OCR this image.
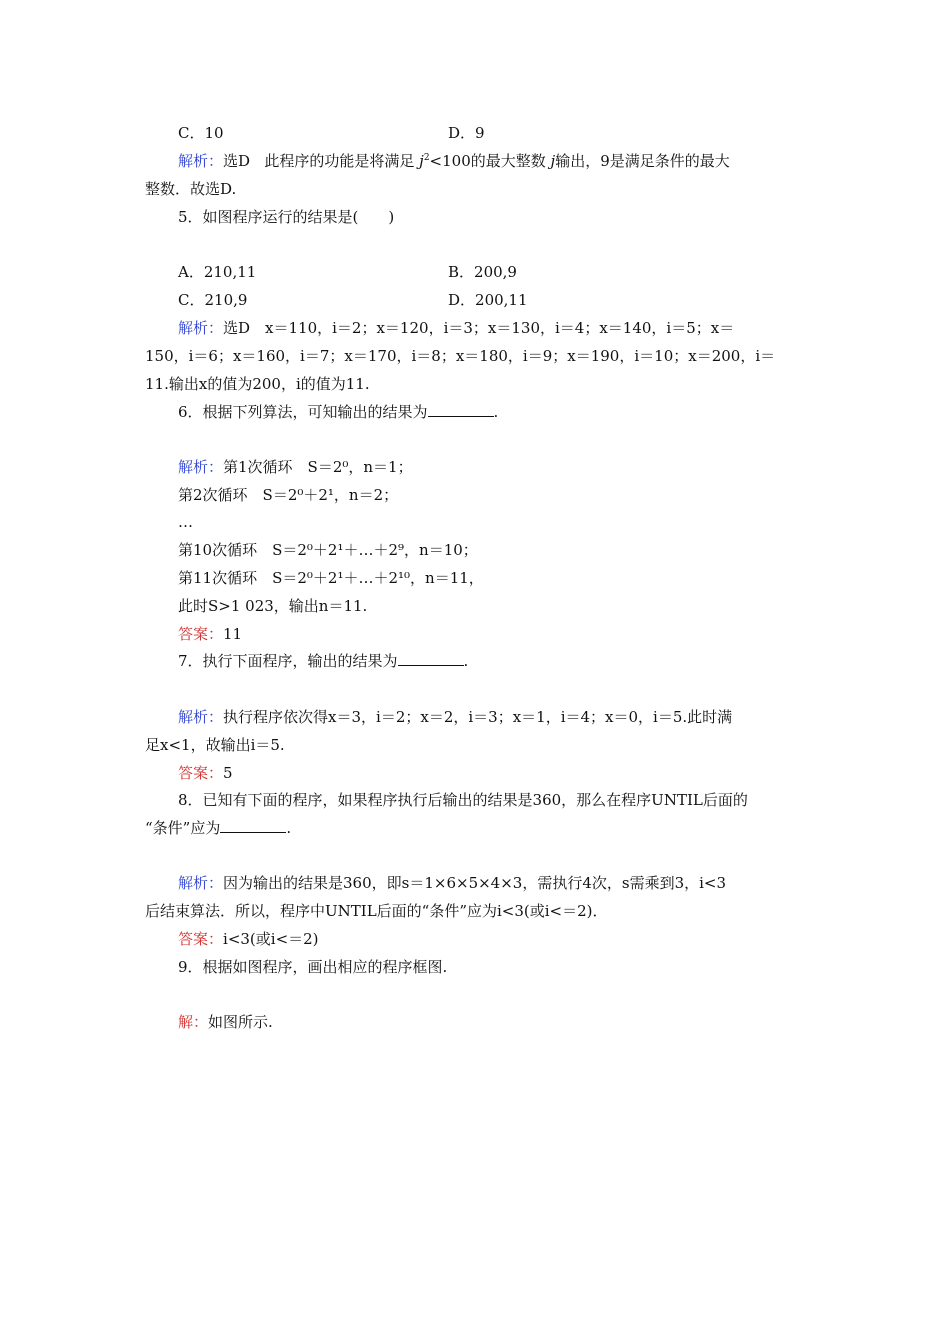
C．10	D．9
解析：选D 此程序的功能是将满足 $j^2<100$的最大整数 j输出，9是满足条件的最大
整数．故选D.
5．如图程序运行的结果是(　　)
A．210,11	B．200,9
C．210,9	D．200,11
解析：选D　x＝110，i＝2；x＝120，i＝3；x＝130，i＝4；x＝140，i＝5；x＝
150，i＝6；x＝160，i＝7；x＝170，i＝8；x＝180，i＝9；x＝190，i＝10；x＝200，i＝
11.输出x的值为200，i的值为11.
6．根据下列算法，可知输出的结果为	.
解析：第1次循环　S＝2⁰，n＝1；
第2次循环　S＝2⁰＋2¹，n＝2；
…
第10次循环　S＝2⁰＋2¹＋…＋2⁹，n＝10；
第11次循环　S＝2⁰＋2¹＋…＋2¹⁰，n＝11，
此时S>1 023，输出n＝11.
答案：11
7．执行下面程序，输出的结果为	.
解析：执行程序依次得x＝3，i＝2；x＝2，i＝3；x＝1，i＝4；x＝0，i＝5.此时满
足x<1，故输出i＝5.
答案：5
8．已知有下面的程序，如果程序执行后输出的结果是360，那么在程序UNTIL后面的
“条件”应为	.
解析：因为输出的结果是360，即s＝1×6×5×4×3，需执行4次，s需乘到3，i<3
后结束算法．所以，程序中UNTIL后面的“条件”应为i<3(或i<＝2)．
答案：i<3(或i<＝2)
9．根据如图程序，画出相应的程序框图.
解：如图所示.
